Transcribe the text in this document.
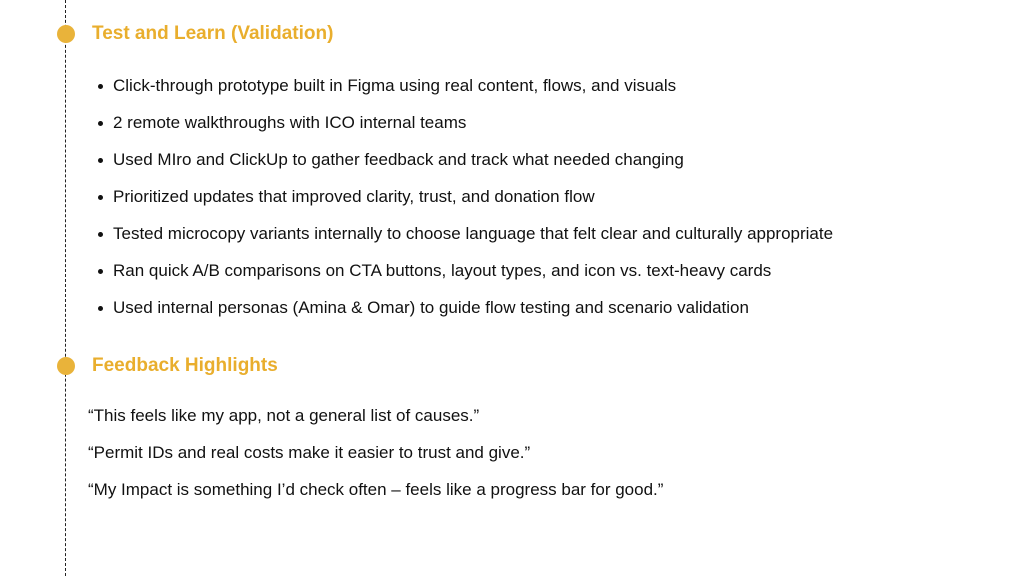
Test and Learn (Validation)
Click-through prototype built in Figma using real content, flows, and visuals
2 remote walkthroughs with ICO internal teams
Used MIro and ClickUp to gather feedback and track what needed changing
Prioritized updates that improved clarity, trust, and donation flow
Tested microcopy variants internally to choose language that felt clear and culturally appropriate
Ran quick A/B comparisons on CTA buttons, layout types, and icon vs. text-heavy cards
Used internal personas (Amina & Omar) to guide flow testing and scenario validation
Feedback Highlights
“This feels like my app, not a general list of causes.”
“Permit IDs and real costs make it easier to trust and give.”
“My Impact is something I’d check often – feels like a progress bar for good.”
